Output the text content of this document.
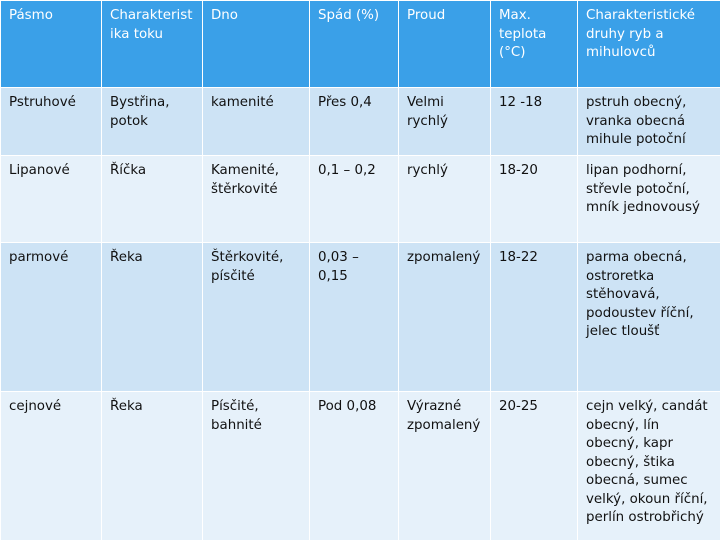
Pásmo	Charakteristika toku	Dno	Spád (%)	Proud	Max. teplota (°C)	Charakteristické druhy ryb a mihulovců
Pstruhové	Bystřina, potok	kamenité	Přes 0,4	Velmi rychlý	12 -18	pstruh obecný, vranka obecná mihule potoční
Lipanové	Říčka	Kamenité, štěrkovité	0,1 – 0,2	rychlý	18-20	lipan podhorní, střevle potoční, mník jednovousý
parmové	Řeka	Štěrkovité, písčité	0,03 – 0,15	zpomalený	18-22	parma obecná, ostroretka stěhovavá, podoustev říční, jelec tloušť
cejnové	Řeka	Písčité, bahnité	Pod 0,08	Výrazné zpomalený	20-25	cejn velký, candát obecný, lín obecný, kapr obecný, štika obecná, sumec velký, okoun říční, perlín ostrobřichý
